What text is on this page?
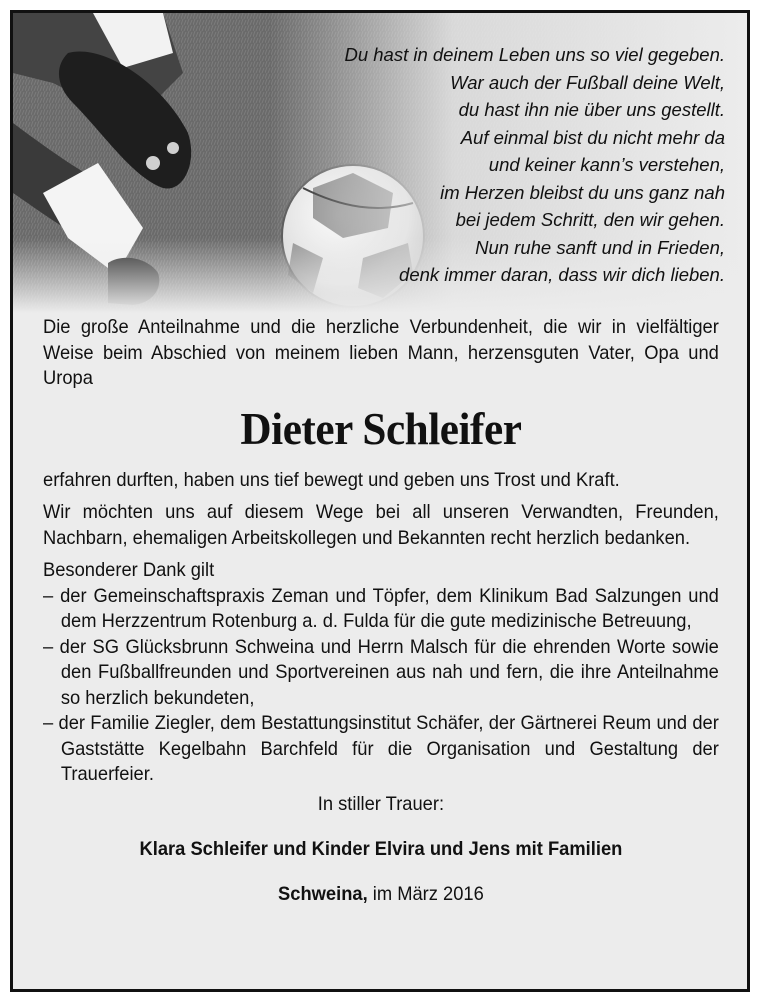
Du hast in deinem Leben uns so viel gegeben.
War auch der Fußball deine Welt,
du hast ihn nie über uns gestellt.
Auf einmal bist du nicht mehr da
und keiner kann’s verstehen,
im Herzen bleibst du uns ganz nah
bei jedem Schritt, den wir gehen.
Nun ruhe sanft und in Frieden,
denk immer daran, dass wir dich lieben.

Die große Anteilnahme und die herzliche Verbundenheit, die wir in vielfältiger Weise beim Abschied von meinem lieben Mann, herzensguten Vater, Opa und Uropa

Dieter Schleifer

erfahren durften, haben uns tief bewegt und geben uns Trost und Kraft.

Wir möchten uns auf diesem Wege bei all unseren Verwandten, Freunden, Nachbarn, ehemaligen Arbeitskollegen und Bekannten recht herzlich bedanken.

Besonderer Dank gilt

– der Gemeinschaftspraxis Zeman und Töpfer, dem Klinikum Bad Salzungen und dem Herzzentrum Rotenburg a. d. Fulda für die gute medizinische Betreuung,

– der SG Glücksbrunn Schweina und Herrn Malsch für die ehrenden Worte sowie den Fußballfreunden und Sportvereinen aus nah und fern, die ihre Anteilnahme so herzlich bekundeten,

– der Familie Ziegler, dem Bestattungsinstitut Schäfer, der Gärtnerei Reum und der Gaststätte Kegelbahn Barchfeld für die Organisation und Gestaltung der Trauerfeier.

In stiller Trauer:

Klara Schleifer und Kinder Elvira und Jens mit Familien

Schweina, im März 2016
